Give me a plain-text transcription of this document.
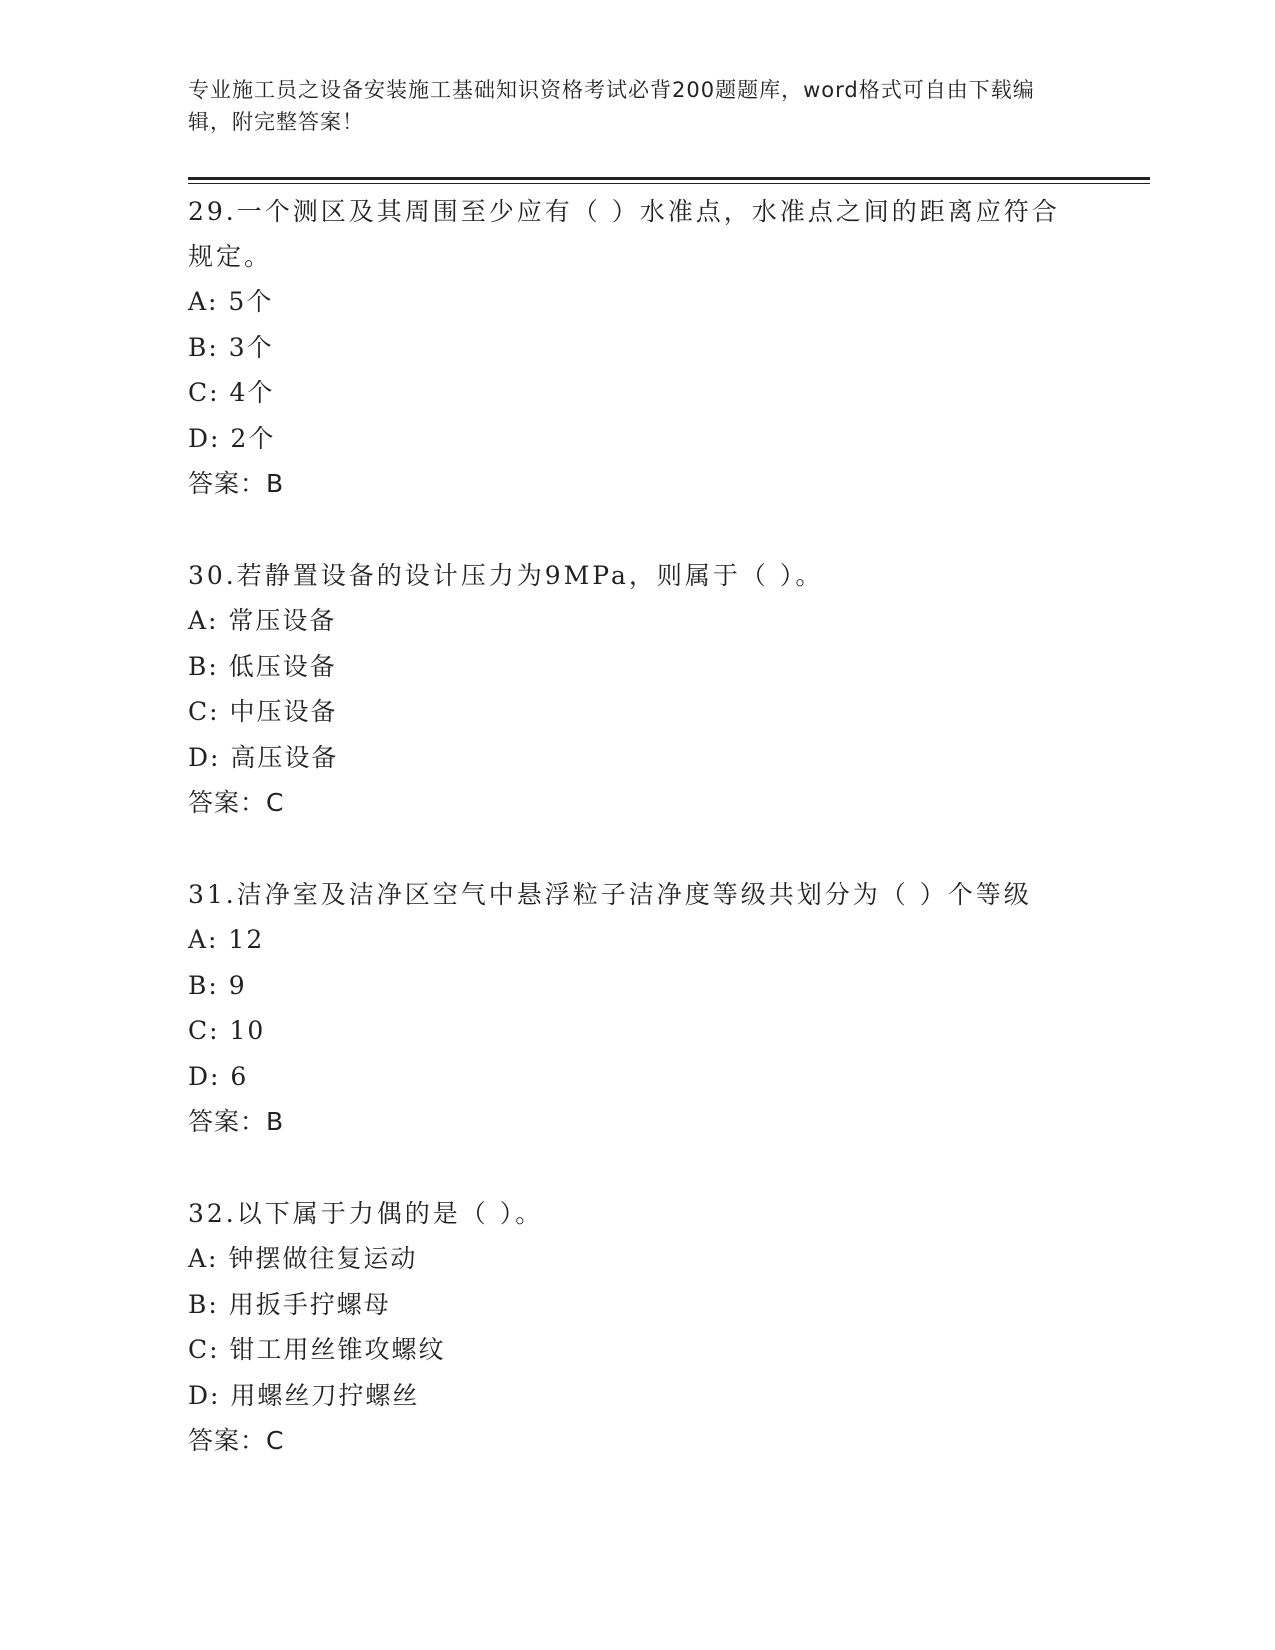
专业施工员之设备安装施工基础知识资格考试必背200题题库，word格式可自由下载编辑，附完整答案！

29.一个测区及其周围至少应有（ ）水准点，水准点之间的距离应符合规定。

A: 5个

B: 3个

C: 4个

D: 2个

答案：B

30.若静置设备的设计压力为9MPa，则属于（ ）。

A: 常压设备

B: 低压设备

C: 中压设备

D: 高压设备

答案：C

31.洁净室及洁净区空气中悬浮粒子洁净度等级共划分为（ ）个等级

A: 12

B: 9

C: 10

D: 6

答案：B

32.以下属于力偶的是（ ）。

A: 钟摆做往复运动

B: 用扳手拧螺母

C: 钳工用丝锥攻螺纹

D: 用螺丝刀拧螺丝

答案：C
